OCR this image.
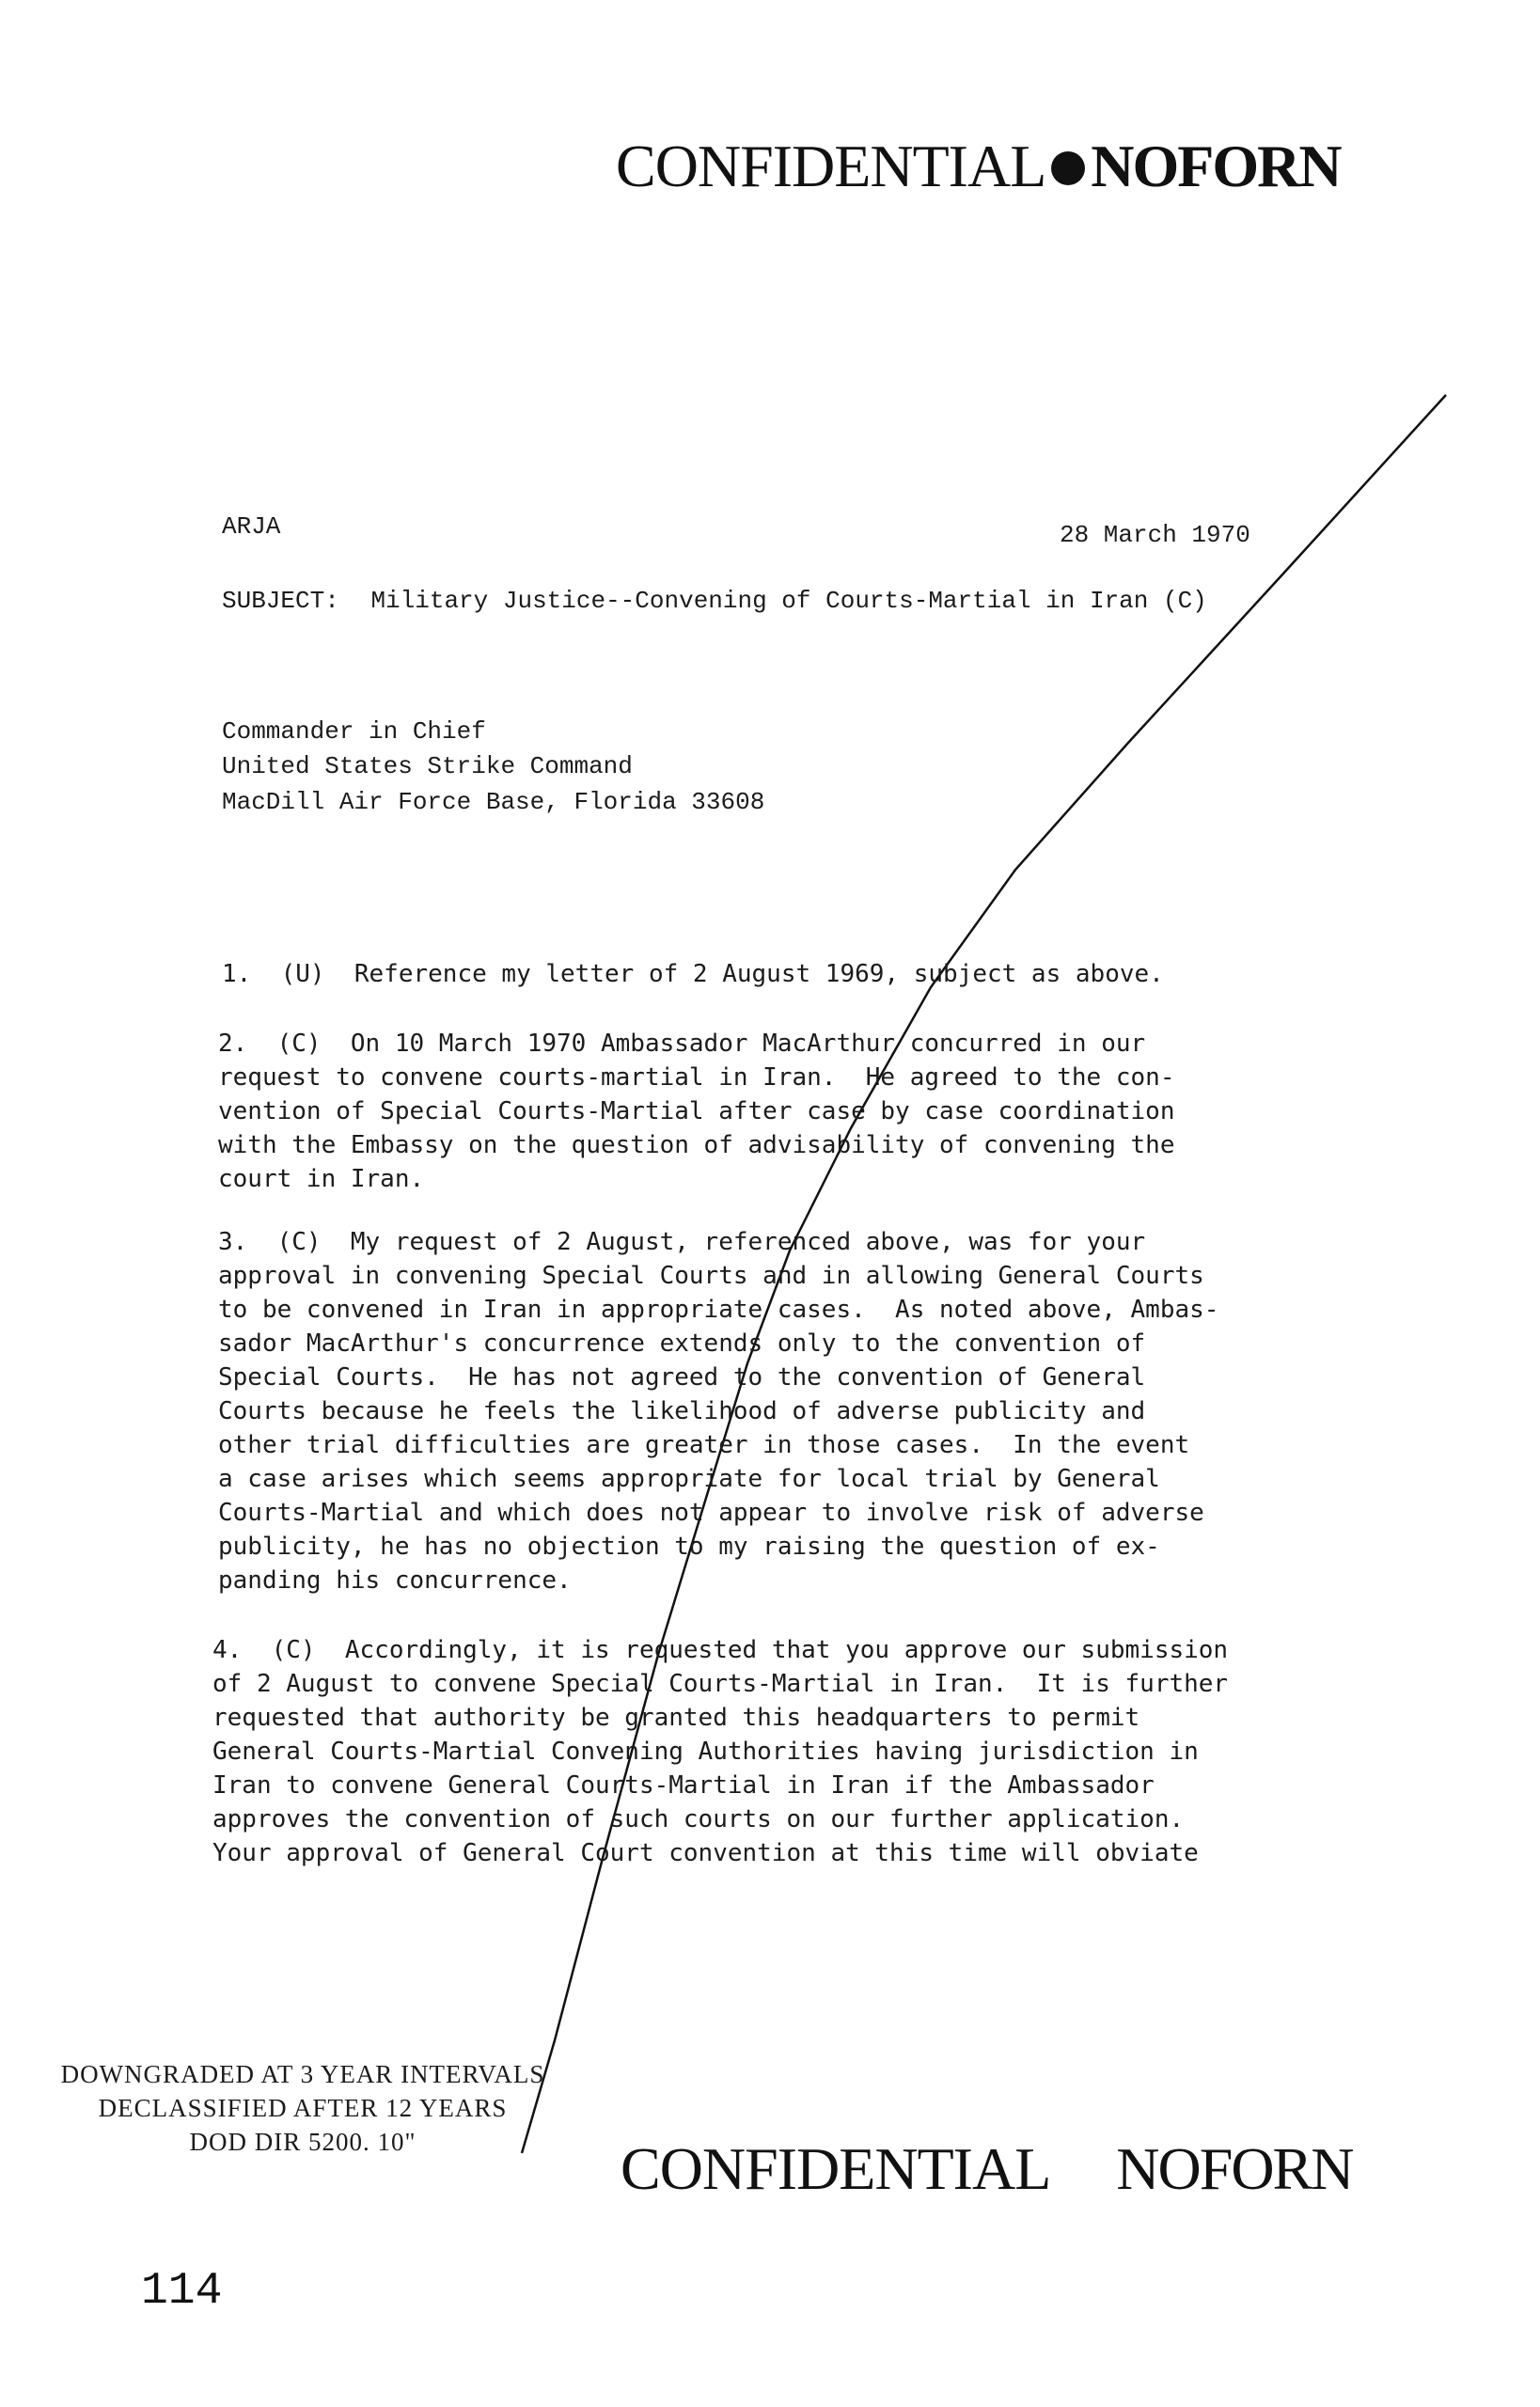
CONFIDENTIAL NOFORN
ARJA	28 March 1970
SUBJECT: Military Justice--Convening of Courts-Martial in Iran (C)
Commander in Chief
United States Strike Command
MacDill Air Force Base, Florida 33608
1.  (U)  Reference my letter of 2 August 1969, subject as above.
2.  (C)  On 10 March 1970 Ambassador MacArthur concurred in our
request to convene courts-martial in Iran.  He agreed to the con-
vention of Special Courts-Martial after case by case coordination
with the Embassy on the question of advisability of convening the
court in Iran.
3.  (C)  My request of 2 August, referenced above, was for your
approval in convening Special Courts and in allowing General Courts
to be convened in Iran in appropriate cases.  As noted above, Ambas-
sador MacArthur's concurrence extends only to the convention of
Special Courts.  He has not agreed to the convention of General
Courts because he feels the likelihood of adverse publicity and
other trial difficulties are greater in those cases.  In the event
a case arises which seems appropriate for local trial by General
Courts-Martial and which does not appear to involve risk of adverse
publicity, he has no objection to my raising the question of ex-
panding his concurrence.
4.  (C)  Accordingly, it is requested that you approve our submission
of 2 August to convene Special Courts-Martial in Iran.  It is further
requested that authority be granted this headquarters to permit
General Courts-Martial Convening Authorities having jurisdiction in
Iran to convene General Courts-Martial in Iran if the Ambassador
approves the convention of such courts on our further application.
Your approval of General Court convention at this time will obviate
DOWNGRADED AT 3 YEAR INTERVALS
DECLASSIFIED AFTER 12 YEARS
DOD DIR 5200. 10"	CONFIDENTIAL NOFORN
114
